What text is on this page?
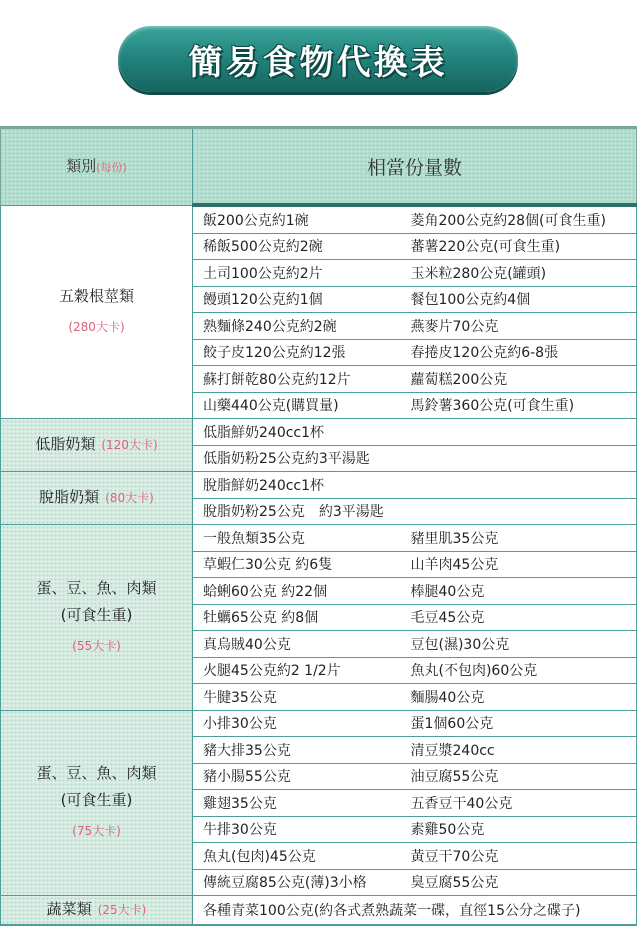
簡易食物代換表
類別(每份)	相當份量數	
五穀根莖類
(280大卡)	飯200公克約1碗	菱角200公克約28個(可食生重)
	稀飯500公克約2碗	蕃薯220公克(可食生重)
	土司100公克約2片	玉米粒280公克(罐頭)
	饅頭120公克約1個	餐包100公克約4個
	熟麵條240公克約2碗	燕麥片70公克
	餃子皮120公克約12張	春捲皮120公克約6-8張
	蘇打餅乾80公克約12片	蘿蔔糕200公克
	山藥440公克(購買量)	馬鈴薯360公克(可食生重)
低脂奶類 (120大卡)	低脂鮮奶240cc1杯	
	低脂奶粉25公克約3平湯匙	
脫脂奶類 (80大卡)	脫脂鮮奶240cc1杯	
	脫脂奶粉25公克　約3平湯匙	

蛋、豆、魚、肉類
(可食生重)
(55大卡)	一般魚類35公克	豬里肌35公克
	草蝦仁30公克 約6隻	山羊肉45公克
	蛤蜊60公克 約22個	棒腿40公克
	牡蠣65公克 約8個	毛豆45公克
	真烏賊40公克	豆包(濕)30公克
	火腿45公克約2 1/2片	魚丸(不包肉)60公克
	牛腱35公克	麵腸40公克

蛋、豆、魚、肉類
(可食生重)
(75大卡)	小排30公克	蛋1個60公克
	豬大排35公克	清豆漿240cc
	豬小腸55公克	油豆腐55公克
	雞翅35公克	五香豆干40公克
	牛排30公克	素雞50公克
	魚丸(包肉)45公克	黃豆干70公克
	傳統豆腐85公克(薄)3小格	臭豆腐55公克
蔬菜類 (25大卡)	各種青菜100公克(約各式煮熟蔬菜一碟，直徑15公分之碟子)	
